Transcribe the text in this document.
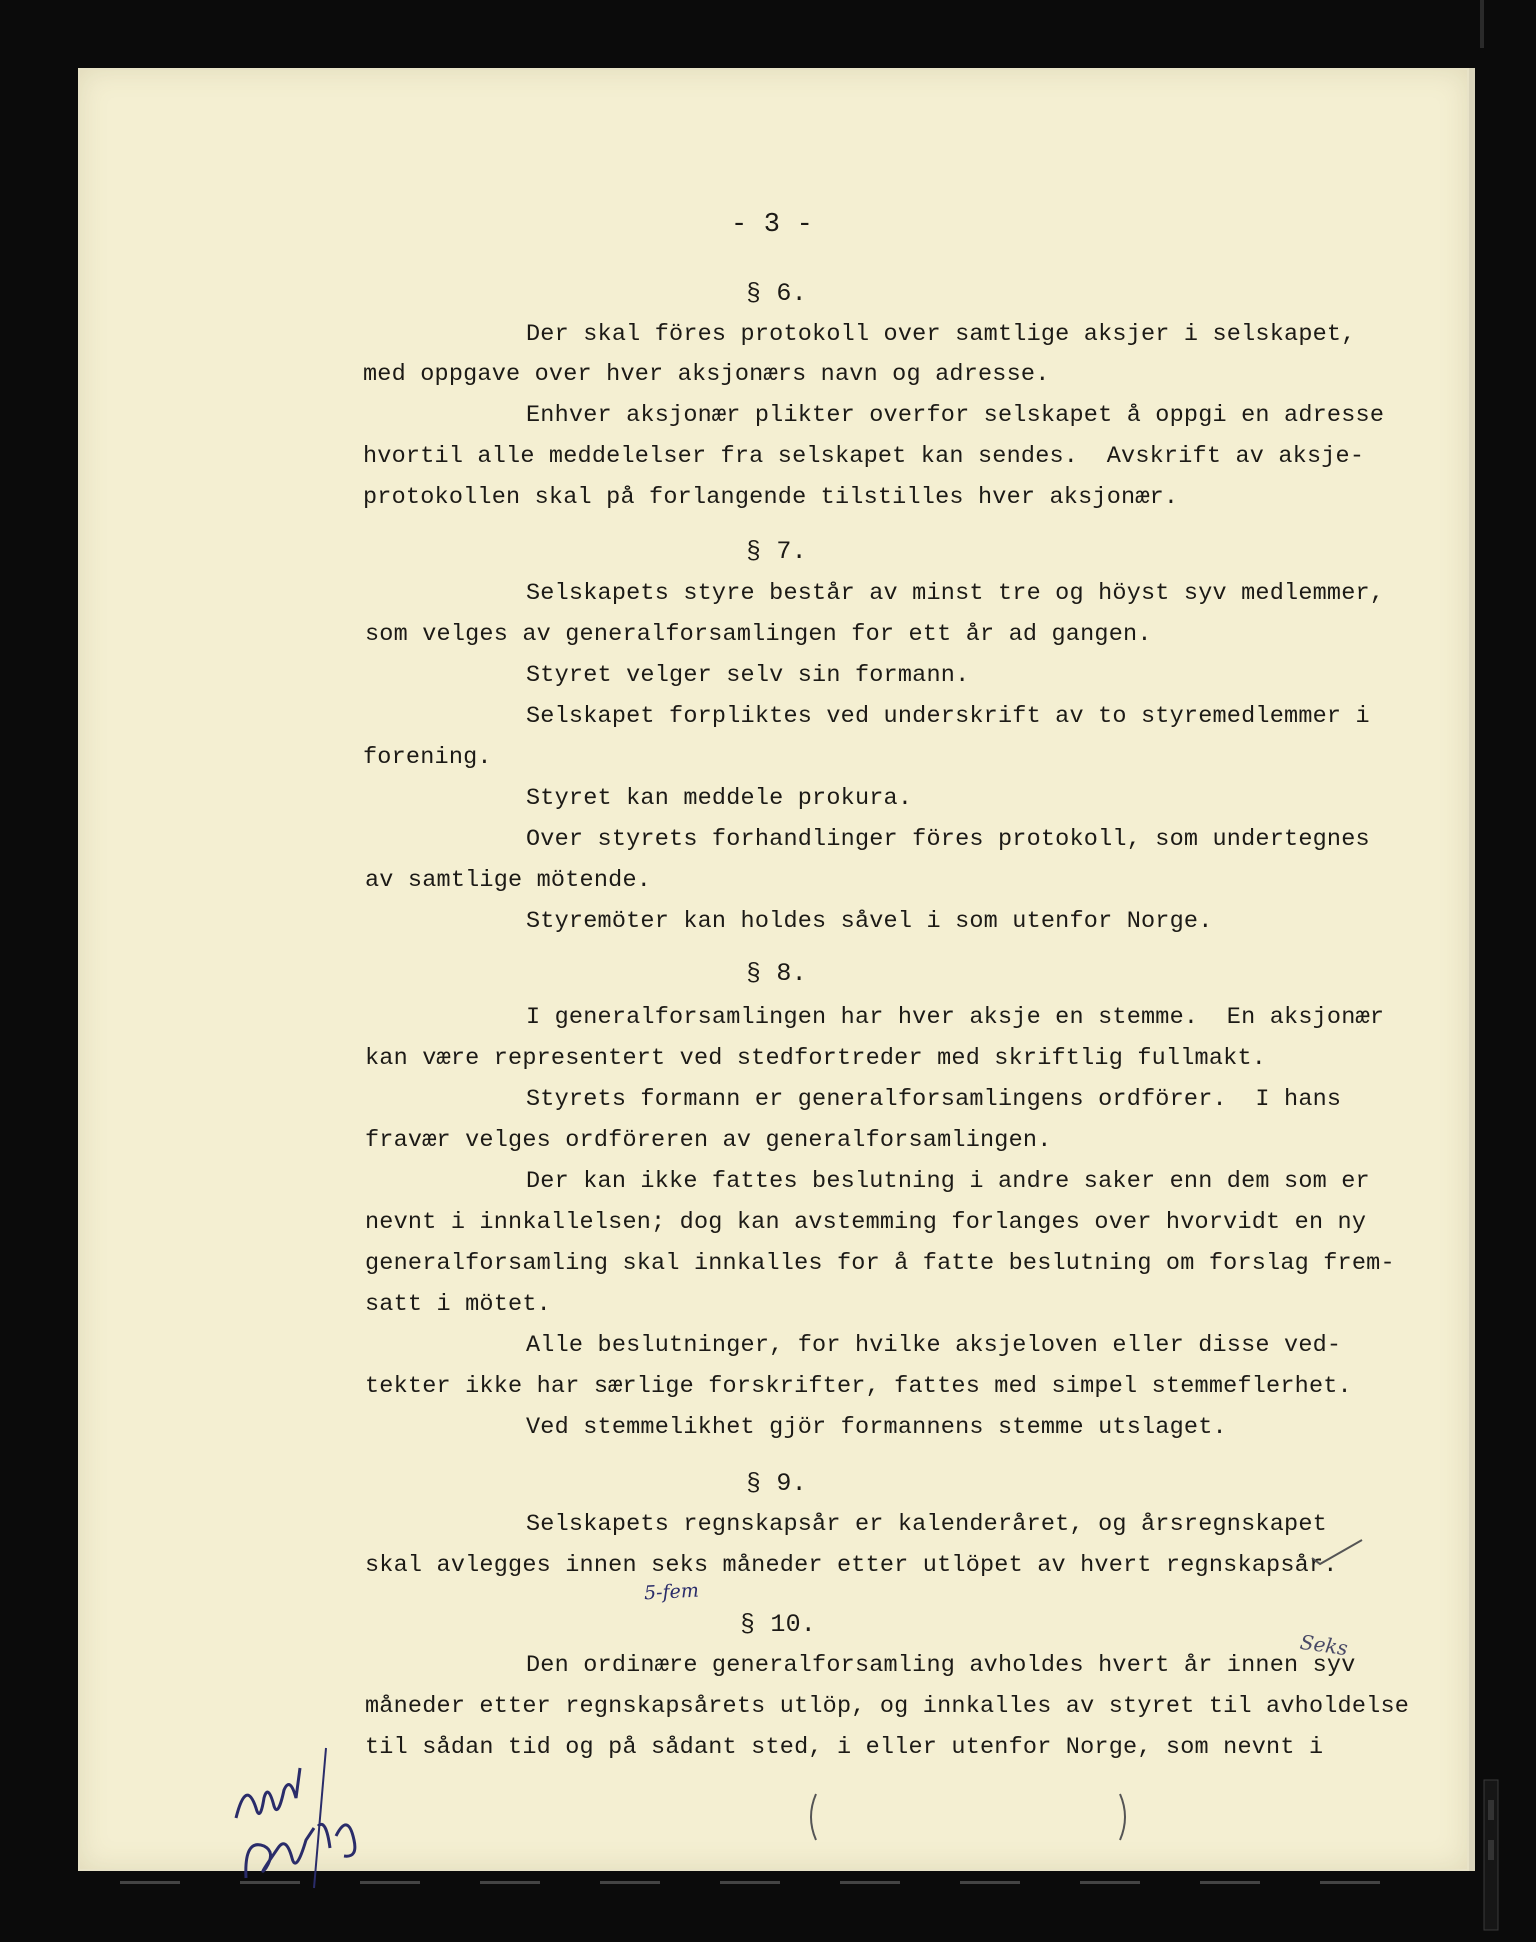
- 3 -
§ 6.
Der skal föres protokoll over samtlige aksjer i selskapet,
med oppgave over hver aksjonærs navn og adresse.
Enhver aksjonær plikter overfor selskapet å oppgi en adresse
hvortil alle meddelelser fra selskapet kan sendes.  Avskrift av aksje-
protokollen skal på forlangende tilstilles hver aksjonær.
§ 7.
Selskapets styre består av minst tre og höyst syv medlemmer,
som velges av generalforsamlingen for ett år ad gangen.
Styret velger selv sin formann.
Selskapet forpliktes ved underskrift av to styremedlemmer i
forening.
Styret kan meddele prokura.
Over styrets forhandlinger föres protokoll, som undertegnes
av samtlige mötende.
Styremöter kan holdes såvel i som utenfor Norge.
§ 8.
I generalforsamlingen har hver aksje en stemme.  En aksjonær
kan være representert ved stedfortreder med skriftlig fullmakt.
Styrets formann er generalforsamlingens ordförer.  I hans
fravær velges ordföreren av generalforsamlingen.
Der kan ikke fattes beslutning i andre saker enn dem som er
nevnt i innkallelsen; dog kan avstemming forlanges over hvorvidt en ny
generalforsamling skal innkalles for å fatte beslutning om forslag frem-
satt i mötet.
Alle beslutninger, for hvilke aksjeloven eller disse ved-
tekter ikke har særlige forskrifter, fattes med simpel stemmeflerhet.
Ved stemmelikhet gjör formannens stemme utslaget.
§ 9.
Selskapets regnskapsår er kalenderåret, og årsregnskapet
skal avlegges innen seks måneder etter utlöpet av hvert regnskapsår.
§ 10.
Den ordinære generalforsamling avholdes hvert år innen syv
måneder etter regnskapsårets utlöp, og innkalles av styret til avholdelse
til sådan tid og på sådant sted, i eller utenfor Norge, som nevnt i
5-fem
Seks
